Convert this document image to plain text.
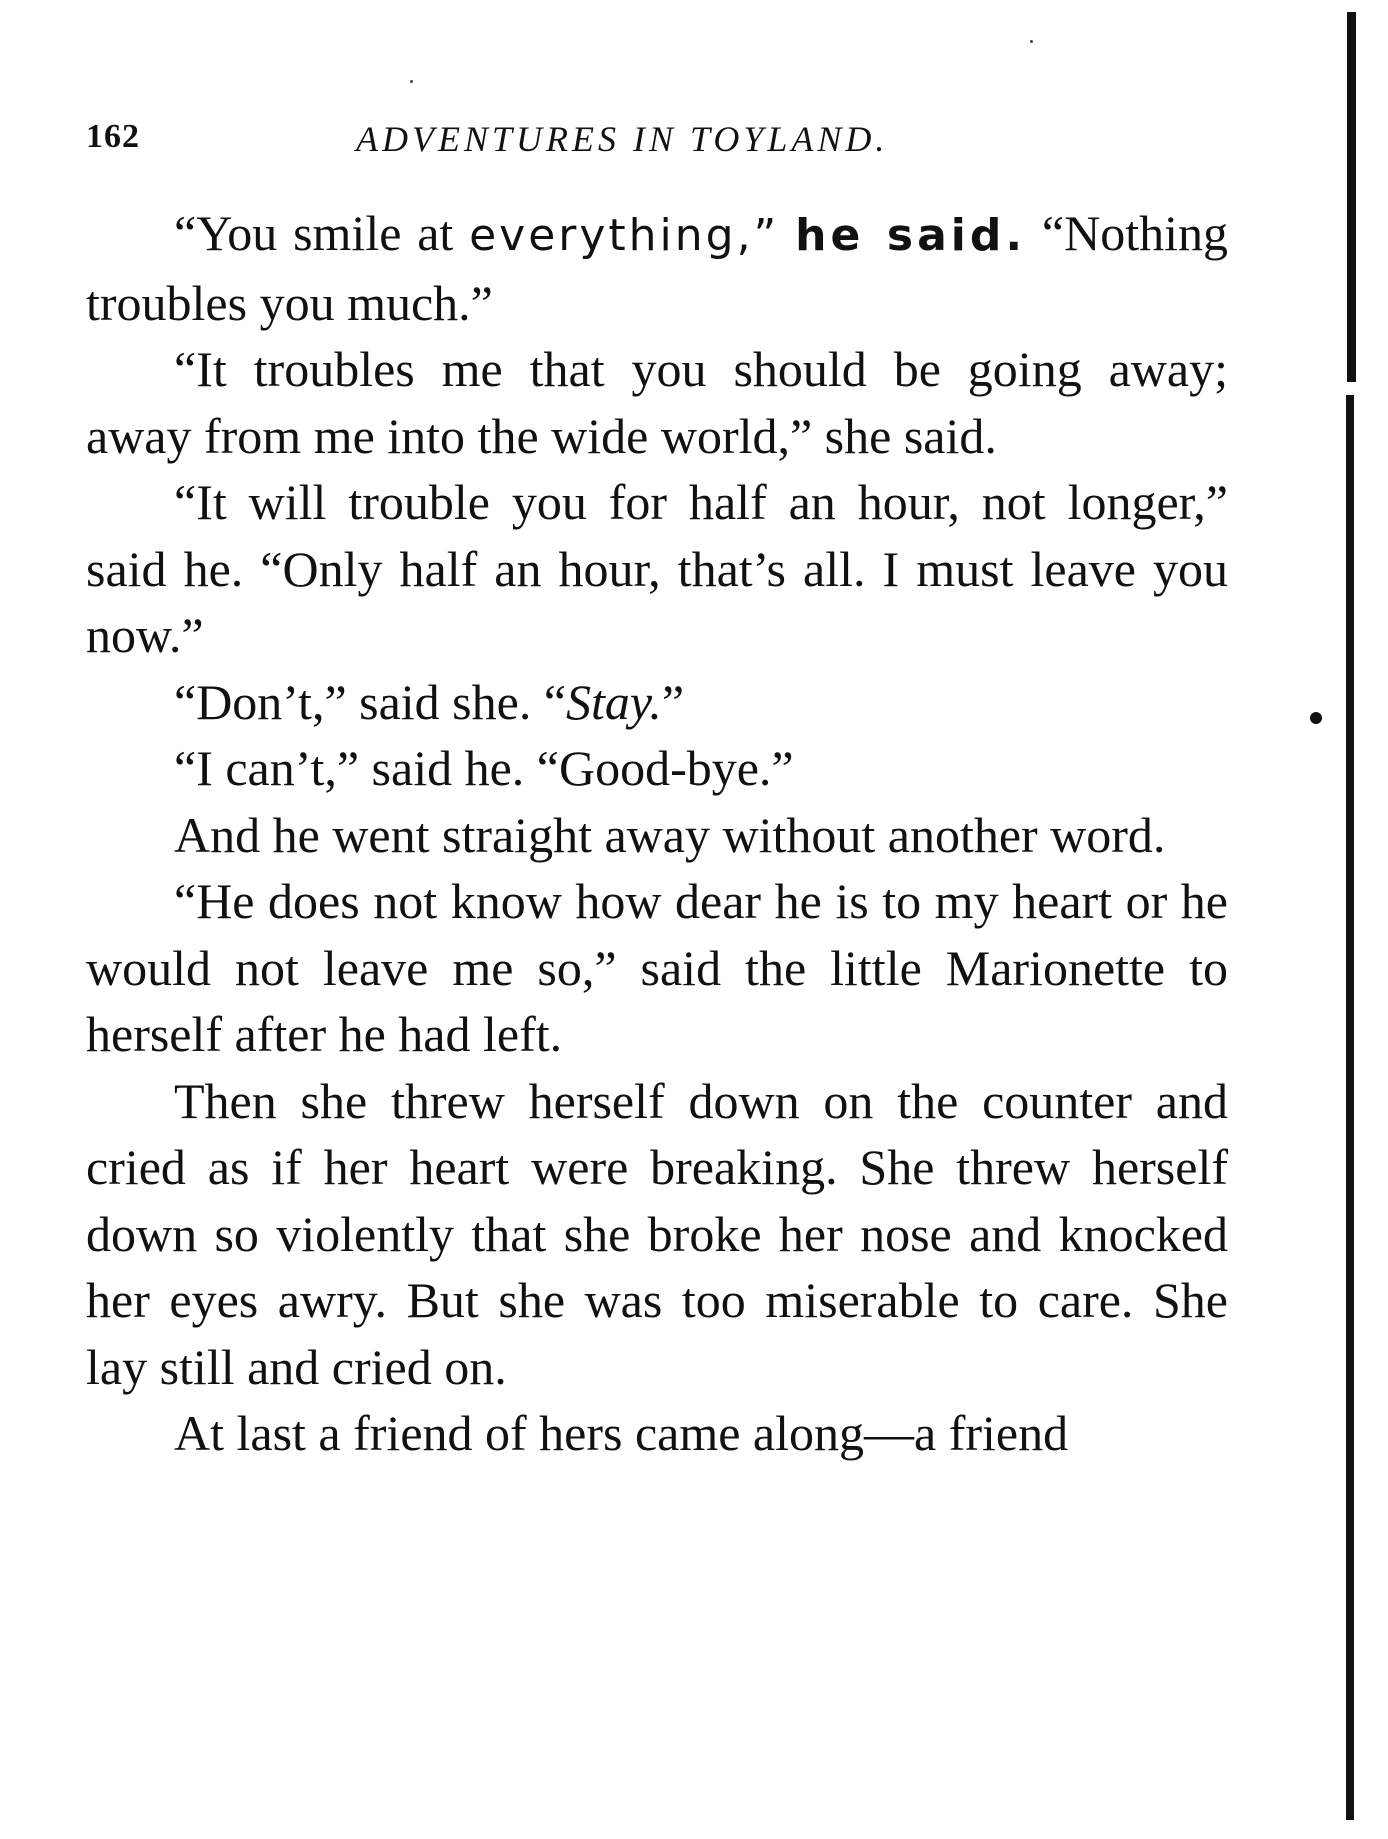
162	ADVENTURES IN TOYLAND.

“You smile at everything,” he said. “Nothing troubles you much.”

“It troubles me that you should be going away; away from me into the wide world,” she said.

“It will trouble you for half an hour, not longer,” said he. “Only half an hour, that’s all. I must leave you now.”

“Don’t,” said she. “Stay.”

“I can’t,” said he. “Good-bye.”

And he went straight away without another word.

“He does not know how dear he is to my heart or he would not leave me so,” said the little Marionette to herself after he had left.

Then she threw herself down on the counter and cried as if her heart were breaking. She threw herself down so violently that she broke her nose and knocked her eyes awry. But she was too miserable to care. She lay still and cried on.

At last a friend of hers came along—a friend
